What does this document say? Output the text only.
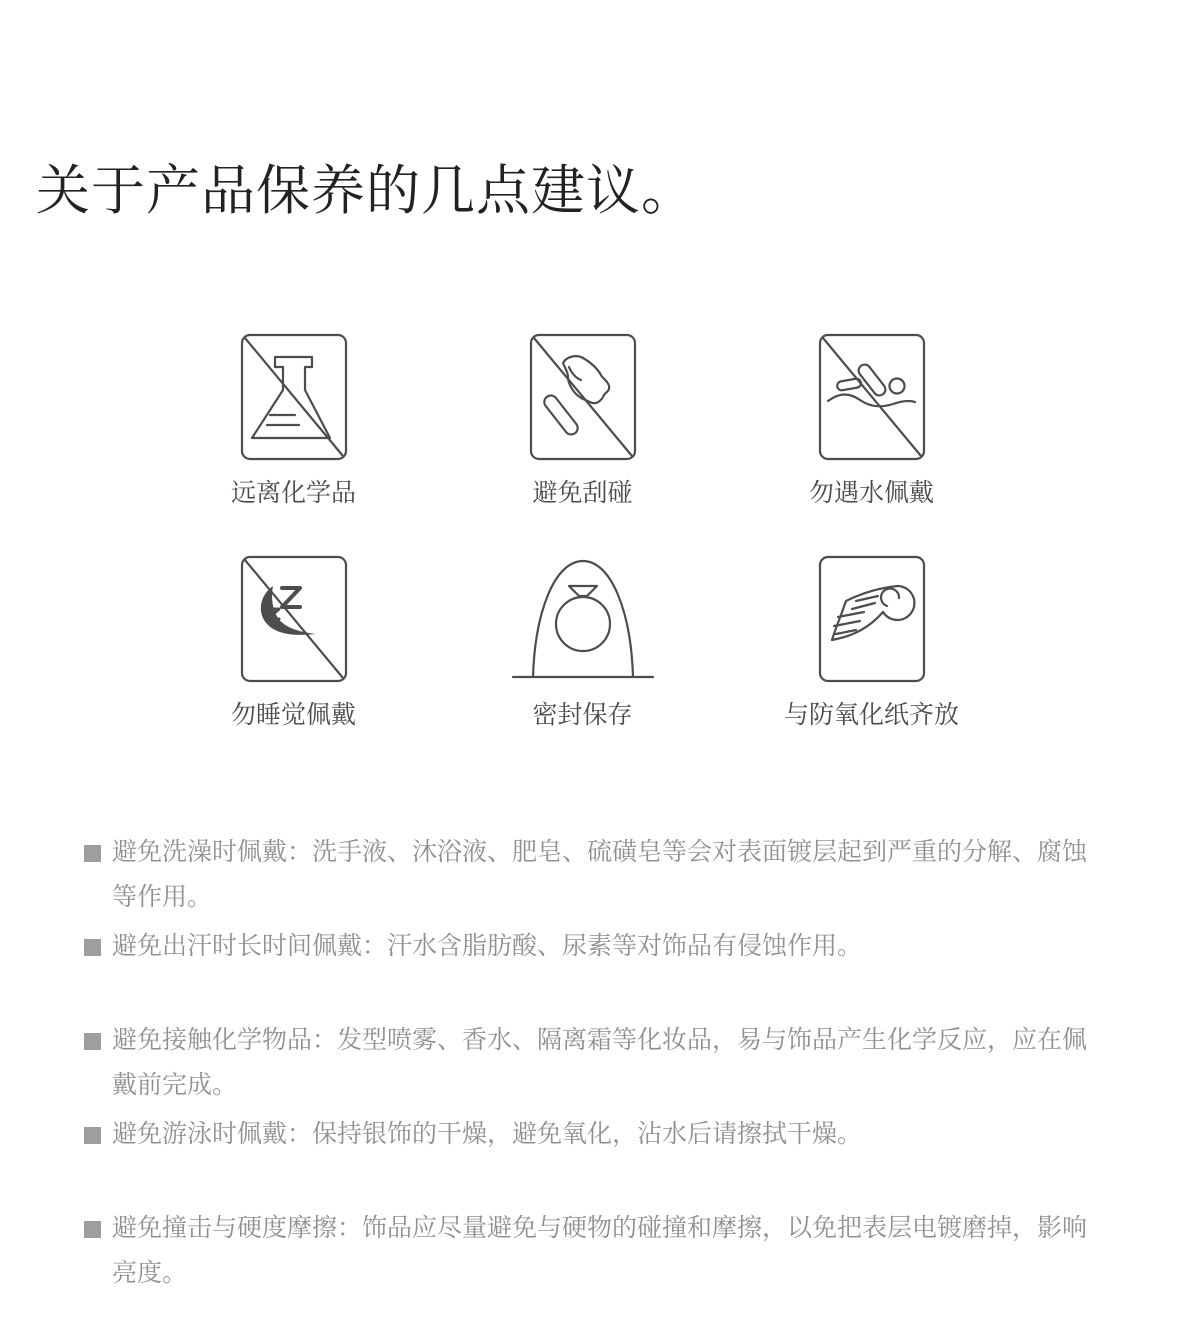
关于产品保养的几点建议。
远离化学品	避免刮碰	勿遇水佩戴
勿睡觉佩戴	密封保存	与防氧化纸齐放

避免洗澡时佩戴：洗手液、沐浴液、肥皂、硫磺皂等会对表面镀层起到严重的分解、腐蚀等作用。

避免出汗时长时间佩戴：汗水含脂肪酸、尿素等对饰品有侵蚀作用。

避免接触化学物品：发型喷雾、香水、隔离霜等化妆品，易与饰品产生化学反应，应在佩戴前完成。

避免游泳时佩戴：保持银饰的干燥，避免氧化，沾水后请擦拭干燥。

避免撞击与硬度摩擦：饰品应尽量避免与硬物的碰撞和摩擦，以免把表层电镀磨掉，影响亮度。
